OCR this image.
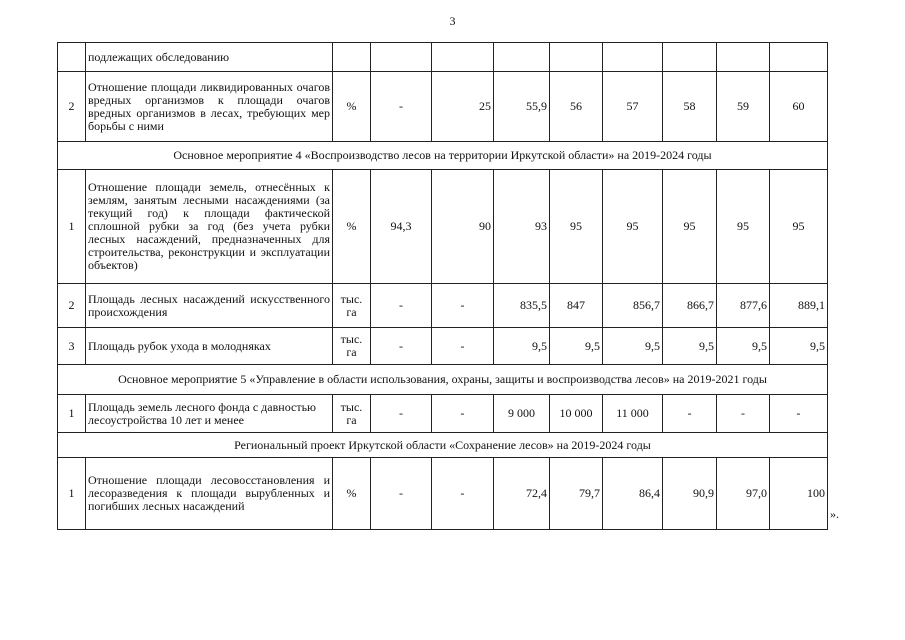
3
	подлежащих обследованию									
2	Отношение площади ликвидированных очагов вредных организмов к площади очагов вредных организмов в лесах, требующих мер борьбы с ними	%	-	25	55,9	56	57	58	59	60
Основное мероприятие 4 «Воспроизводство лесов на территории Иркутской области» на 2019-2024 годы										
1	Отношение площади земель, отнесённых к землям, занятым лесными насаждениями (за текущий год) к площади фактической сплошной рубки за год (без учета рубки лесных насаждений, предназначенных для строительства, реконструкции и эксплуатации объектов)	%	94,3	90	93	95	95	95	95	95
2	Площадь лесных насаждений искусственного происхождения	тыс. га	-	-	835,5	847	856,7	866,7	877,6	889,1
3	Площадь рубок ухода в молодняках	тыс. га	-	-	9,5	9,5	9,5	9,5	9,5	9,5
Основное мероприятие 5 «Управление в области использования, охраны, защиты и воспроизводства лесов» на 2019-2021 годы										
1	Площадь земель лесного фонда с давностью лесоустройства 10 лет и менее	тыс. га	-	-	9 000	10 000	11 000	-	-	-
Региональный проект Иркутской области «Сохранение лесов» на 2019-2024 годы										
1	Отношение площади лесовосстановления и лесоразведения к площади вырубленных и погибших лесных насаждений	%	-	-	72,4	79,7	86,4	90,9	97,0	100
».
